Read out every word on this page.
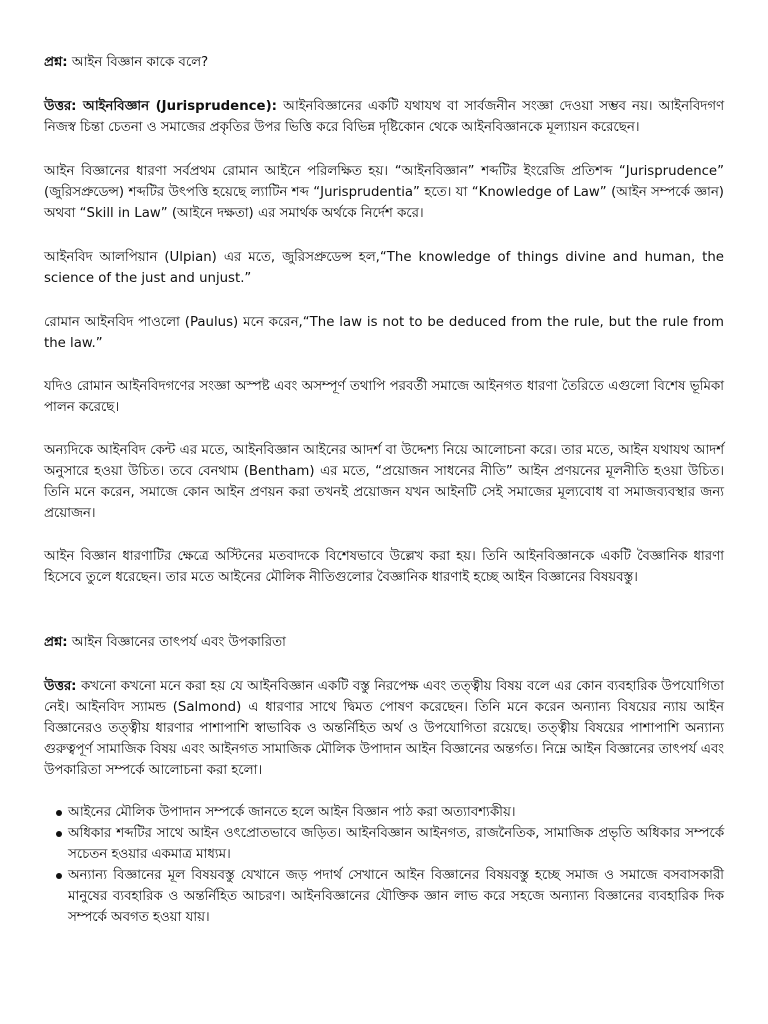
প্রশ্ন: আইন বিজ্ঞান কাকে বলে?

উত্তর: আইনবিজ্ঞান (Jurisprudence): আইনবিজ্ঞানের একটি যথাযথ বা সার্বজনীন সংজ্ঞা দেওয়া সম্ভব নয়। আইনবিদগণ নিজস্ব চিন্তা চেতনা ও সমাজের প্রকৃতির উপর ভিত্তি করে বিভিন্ন দৃষ্টিকোন থেকে আইনবিজ্ঞানকে মূল্যায়ন করেছেন।

আইন বিজ্ঞানের ধারণা সর্বপ্রথম রোমান আইনে পরিলক্ষিত হয়। “আইনবিজ্ঞান” শব্দটির ইংরেজি প্রতিশব্দ “Jurisprudence” (জুরিসপ্রুডেন্স) শব্দটির উৎপত্তি হয়েছে ল্যাটিন শব্দ “Jurisprudentia” হতে। যা “Knowledge of Law” (আইন সম্পর্কে জ্ঞান) অথবা “Skill in Law” (আইনে দক্ষতা) এর সমার্থক অর্থকে নির্দেশ করে।

আইনবিদ আলপিয়ান (Ulpian) এর মতে, জুরিসপ্রুডেন্স হল,“The knowledge of things divine and human, the science of the just and unjust.”

রোমান আইনবিদ পাওলো (Paulus) মনে করেন,“The law is not to be deduced from the rule, but the rule from the law.”

যদিও রোমান আইনবিদগণের সংজ্ঞা অস্পষ্ট এবং অসম্পূর্ণ তথাপি পরবর্তী সমাজে আইনগত ধারণা তৈরিতে এগুলো বিশেষ ভূমিকা পালন করেছে।

অন্যদিকে আইনবিদ কেন্ট এর মতে, আইনবিজ্ঞান আইনের আদর্শ বা উদ্দেশ্য নিয়ে আলোচনা করে। তার মতে, আইন যথাযথ আদর্শ অনুসারে হওয়া উচিত। তবে বেনথাম (Bentham) এর মতে, “প্রয়োজন সাধনের নীতি” আইন প্রণয়নের মূলনীতি হওয়া উচিত। তিনি মনে করেন, সমাজে কোন আইন প্রণয়ন করা তখনই প্রয়োজন যখন আইনটি সেই সমাজের মূল্যবোধ বা সমাজব্যবস্থার জন্য প্রয়োজন।

আইন বিজ্ঞান ধারণাটির ক্ষেত্রে অস্টিনের মতবাদকে বিশেষভাবে উল্লেখ করা হয়। তিনি আইনবিজ্ঞানকে একটি বৈজ্ঞানিক ধারণা হিসেবে তুলে ধরেছেন। তার মতে আইনের মৌলিক নীতিগুলোর বৈজ্ঞানিক ধারণাই হচ্ছে আইন বিজ্ঞানের বিষয়বস্তু।

প্রশ্ন: আইন বিজ্ঞানের তাৎপর্য এবং উপকারিতা

উত্তর: কখনো কখনো মনে করা হয় যে আইনবিজ্ঞান একটি বস্তু নিরপেক্ষ এবং তত্ত্বীয় বিষয় বলে এর কোন ব্যবহারিক উপযোগিতা নেই। আইনবিদ স্যামন্ড (Salmond) এ ধারণার সাথে দ্বিমত পোষণ করেছেন। তিনি মনে করেন অন্যান্য বিষয়ের ন্যায় আইন বিজ্ঞানেরও তত্ত্বীয় ধারণার পাশাপাশি স্বাভাবিক ও অন্তর্নিহিত অর্থ ও উপযোগিতা রয়েছে। তত্ত্বীয় বিষয়ের পাশাপাশি অন্যান্য গুরুত্বপূর্ণ সামাজিক বিষয় এবং আইনগত সামাজিক মৌলিক উপাদান আইন বিজ্ঞানের অন্তর্গত। নিম্নে আইন বিজ্ঞানের তাৎপর্য এবং উপকারিতা সম্পর্কে আলোচনা করা হলো।

আইনের মৌলিক উপাদান সম্পর্কে জানতে হলে আইন বিজ্ঞান পাঠ করা অত্যাবশ্যকীয়।
অধিকার শব্দটির সাথে আইন ওৎপ্রোতভাবে জড়িত। আইনবিজ্ঞান আইনগত, রাজনৈতিক, সামাজিক প্রভৃতি অধিকার সম্পর্কে সচেতন হওয়ার একমাত্র মাধ্যম।
অন্যান্য বিজ্ঞানের মূল বিষয়বস্তু যেখানে জড় পদার্থ সেখানে আইন বিজ্ঞানের বিষয়বস্তু হচ্ছে সমাজ ও সমাজে বসবাসকারী মানুষের ব্যবহারিক ও অন্তর্নিহিত আচরণ। আইনবিজ্ঞানের যৌক্তিক জ্ঞান লাভ করে সহজে অন্যান্য বিজ্ঞানের ব্যবহারিক দিক সম্পর্কে অবগত হওয়া যায়।
